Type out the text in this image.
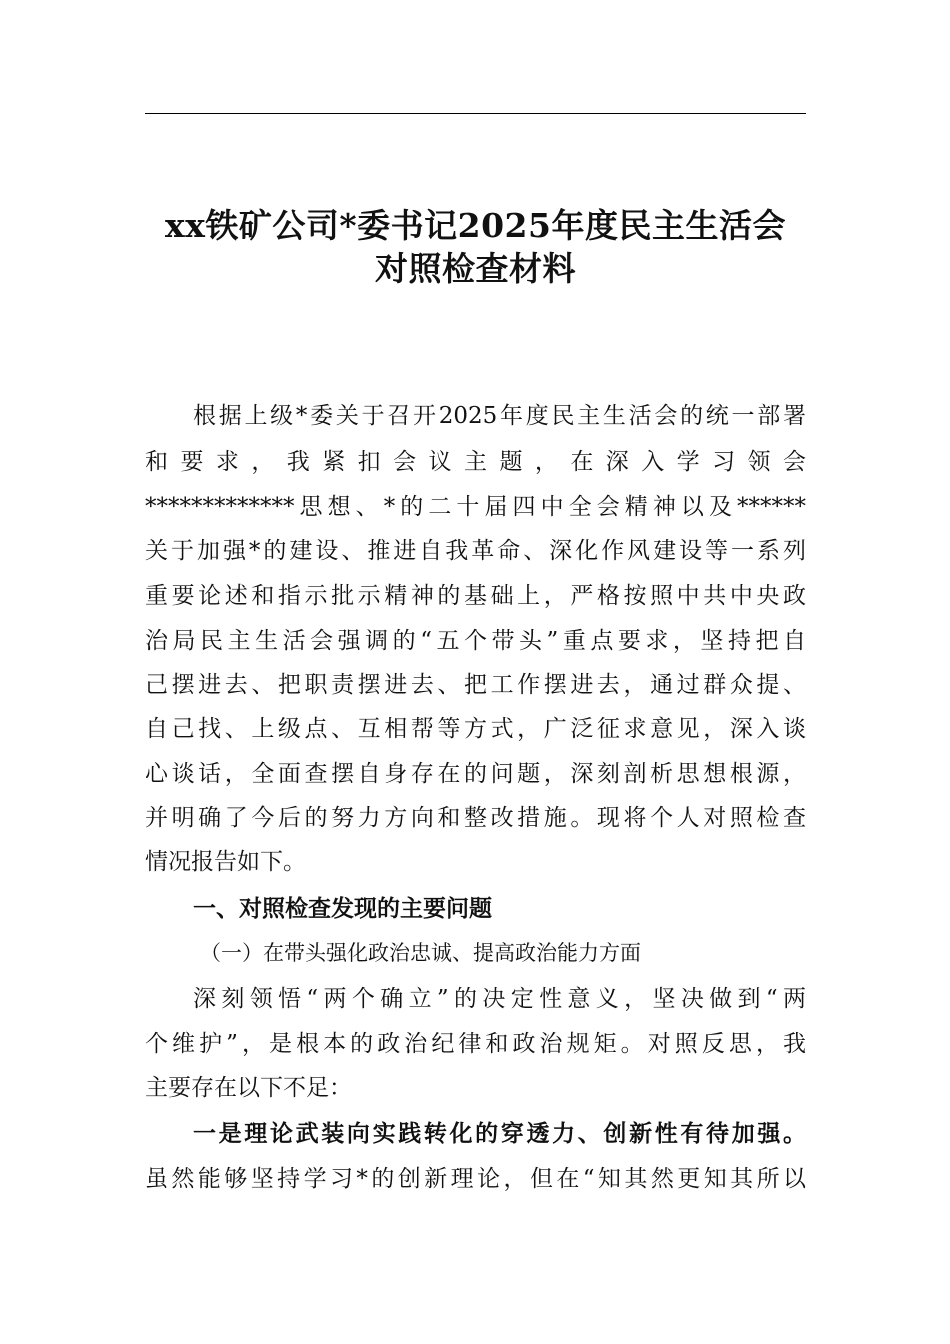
xx铁矿公司*委书记2025年度民主生活会
对照检查材料
根据上级*委关于召开2025年度民主生活会的统一部署
和要求，我紧扣会议主题，在深入学习领会
*************思想、*的二十届四中全会精神以及******
关于加强*的建设、推进自我革命、深化作风建设等一系列
重要论述和指示批示精神的基础上，严格按照中共中央政
治局民主生活会强调的“五个带头”重点要求，坚持把自
己摆进去、把职责摆进去、把工作摆进去，通过群众提、
自己找、上级点、互相帮等方式，广泛征求意见，深入谈
心谈话，全面查摆自身存在的问题，深刻剖析思想根源，
并明确了今后的努力方向和整改措施。现将个人对照检查
情况报告如下。
一、对照检查发现的主要问题
（一）在带头强化政治忠诚、提高政治能力方面
深刻领悟“两个确立”的决定性意义，坚决做到“两
个维护”，是根本的政治纪律和政治规矩。对照反思，我
主要存在以下不足：
一是理论武装向实践转化的穿透力、创新性有待加强。
虽然能够坚持学习*的创新理论，但在“知其然更知其所以
